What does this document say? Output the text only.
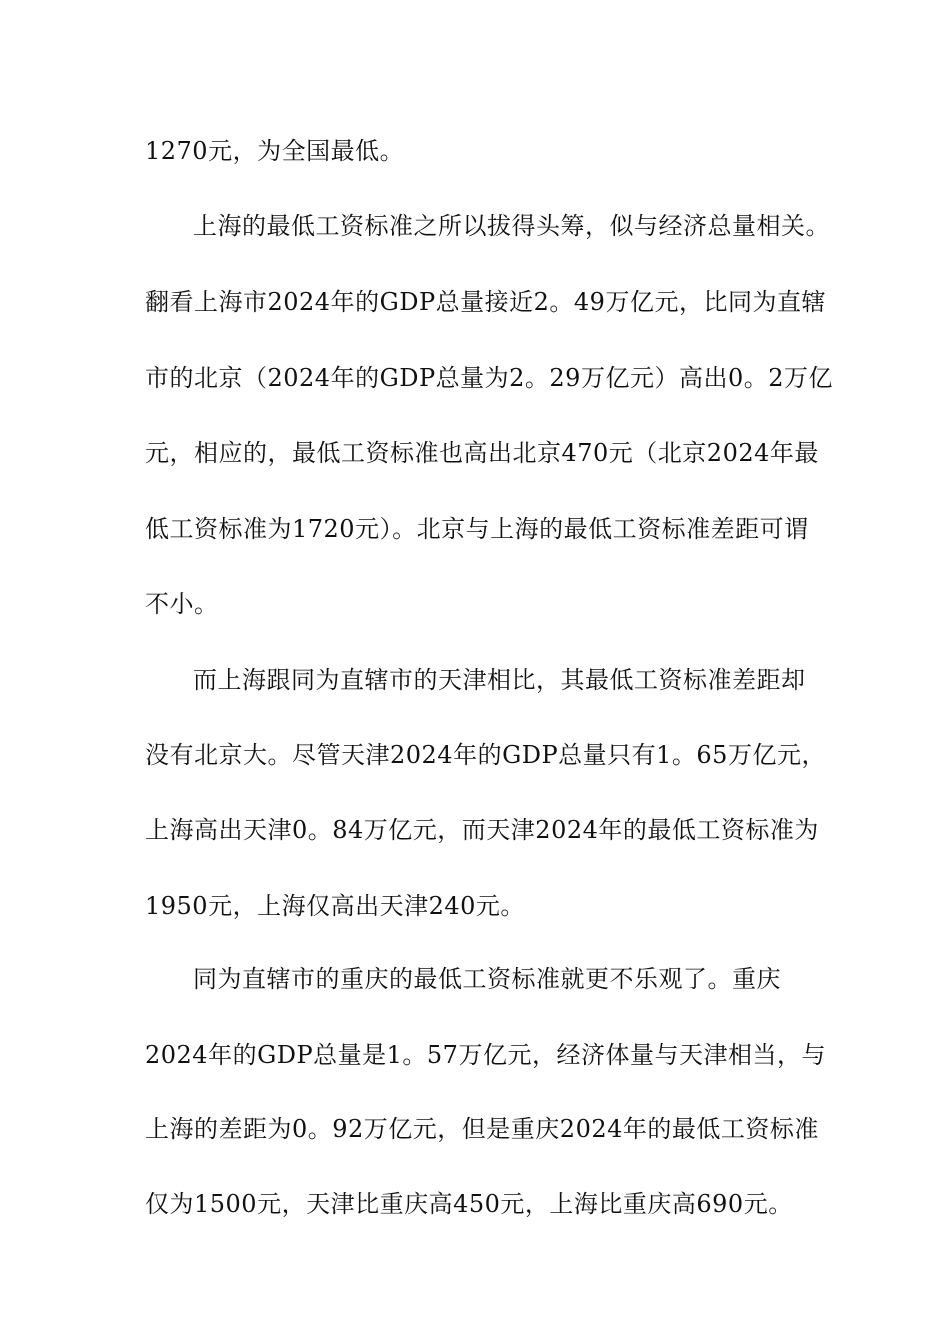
1270元，为全国最低。
上海的最低工资标准之所以拔得头筹，似与经济总量相关。
翻看上海市2024年的GDP总量接近2。49万亿元，比同为直辖
市的北京（2024年的GDP总量为2。29万亿元）高出0。2万亿
元，相应的，最低工资标准也高出北京470元（北京2024年最
低工资标准为1720元）。北京与上海的最低工资标准差距可谓
不小。
而上海跟同为直辖市的天津相比，其最低工资标准差距却
没有北京大。尽管天津2024年的GDP总量只有1。65万亿元，
上海高出天津0。84万亿元，而天津2024年的最低工资标准为
1950元，上海仅高出天津240元。
同为直辖市的重庆的最低工资标准就更不乐观了。重庆
2024年的GDP总量是1。57万亿元，经济体量与天津相当，与
上海的差距为0。92万亿元，但是重庆2024年的最低工资标准
仅为1500元，天津比重庆高450元，上海比重庆高690元。
